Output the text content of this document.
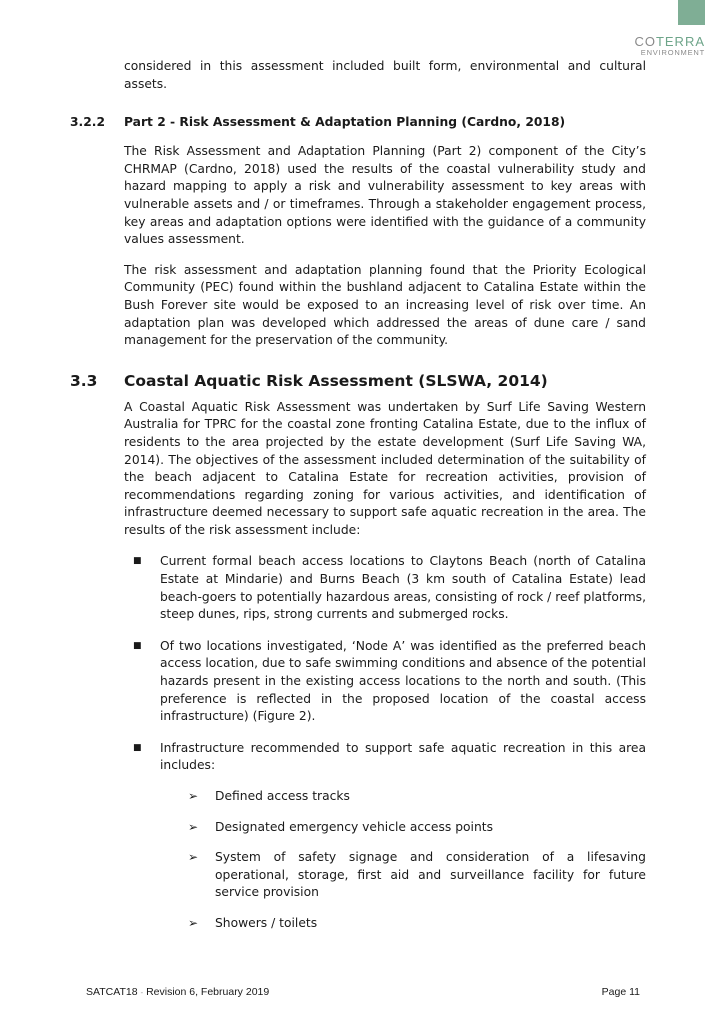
COTERRA
ENVIRONMENT

considered in this assessment included built form, environmental and cultural assets.

3.2.2 Part 2 - Risk Assessment & Adaptation Planning (Cardno, 2018)

The Risk Assessment and Adaptation Planning (Part 2) component of the City’s CHRMAP (Cardno, 2018) used the results of the coastal vulnerability study and hazard mapping to apply a risk and vulnerability assessment to key areas with vulnerable assets and / or timeframes. Through a stakeholder engagement process, key areas and adaptation options were identified with the guidance of a community values assessment.

The risk assessment and adaptation planning found that the Priority Ecological Community (PEC) found within the bushland adjacent to Catalina Estate within the Bush Forever site would be exposed to an increasing level of risk over time. An adaptation plan was developed which addressed the areas of dune care / sand management for the preservation of the community.

3.3 Coastal Aquatic Risk Assessment (SLSWA, 2014)

A Coastal Aquatic Risk Assessment was undertaken by Surf Life Saving Western Australia for TPRC for the coastal zone fronting Catalina Estate, due to the influx of residents to the area projected by the estate development (Surf Life Saving WA, 2014). The objectives of the assessment included determination of the suitability of the beach adjacent to Catalina Estate for recreation activities, provision of recommendations regarding zoning for various activities, and identification of infrastructure deemed necessary to support safe aquatic recreation in the area. The results of the risk assessment include:

■ Current formal beach access locations to Claytons Beach (north of Catalina Estate at Mindarie) and Burns Beach (3 km south of Catalina Estate) lead beach-goers to potentially hazardous areas, consisting of rock / reef platforms, steep dunes, rips, strong currents and submerged rocks.
■ Of two locations investigated, ‘Node A’ was identified as the preferred beach access location, due to safe swimming conditions and absence of the potential hazards present in the existing access locations to the north and south. (This preference is reflected in the proposed location of the coastal access infrastructure) (Figure 2).
■ Infrastructure recommended to support safe aquatic recreation in this area includes:
➢ Defined access tracks
➢ Designated emergency vehicle access points
➢ System of safety signage and consideration of a lifesaving operational, storage, first aid and surveillance facility for future service provision
➢ Showers / toilets
SATCAT18 - Revision 6, February 2019	Page 11
